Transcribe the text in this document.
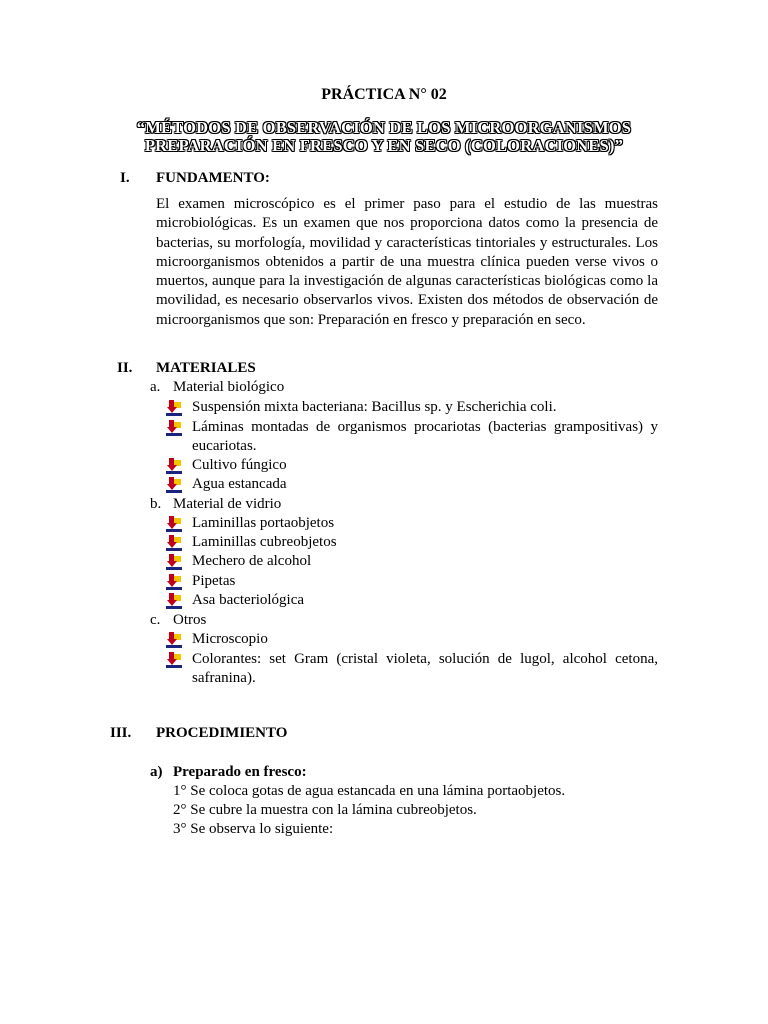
PRÁCTICA N° 02
“MÉTODOS DE OBSERVACIÓN DE LOS MICROORGANISMOS
PREPARACIÓN EN FRESCO Y EN SECO (COLORACIONES)”
I. FUNDAMENTO:
El examen microscópico es el primer paso para el estudio de las muestras microbiológicas. Es un examen que nos proporciona datos como la presencia de bacterias, su morfología, movilidad y características tintoriales y estructurales. Los microorganismos obtenidos a partir de una muestra clínica pueden verse vivos o muertos, aunque para la investigación de algunas características biológicas como la movilidad, es necesario observarlos vivos. Existen dos métodos de observación de microorganismos que son: Preparación en fresco y preparación en seco.
II. MATERIALES
a. Material biológico
Suspensión mixta bacteriana: Bacillus sp. y Escherichia coli.
Láminas montadas de organismos procariotas (bacterias grampositivas) y eucariotas.
Cultivo fúngico
Agua estancada
b. Material de vidrio
Laminillas portaobjetos
Laminillas cubreobjetos
Mechero de alcohol
Pipetas
Asa bacteriológica
c. Otros
Microscopio
Colorantes: set Gram (cristal violeta, solución de lugol, alcohol cetona, safranina).
III. PROCEDIMIENTO
a) Preparado en fresco:
1° Se coloca gotas de agua estancada en una lámina portaobjetos.
2° Se cubre la muestra con la lámina cubreobjetos.
3° Se observa lo siguiente:
